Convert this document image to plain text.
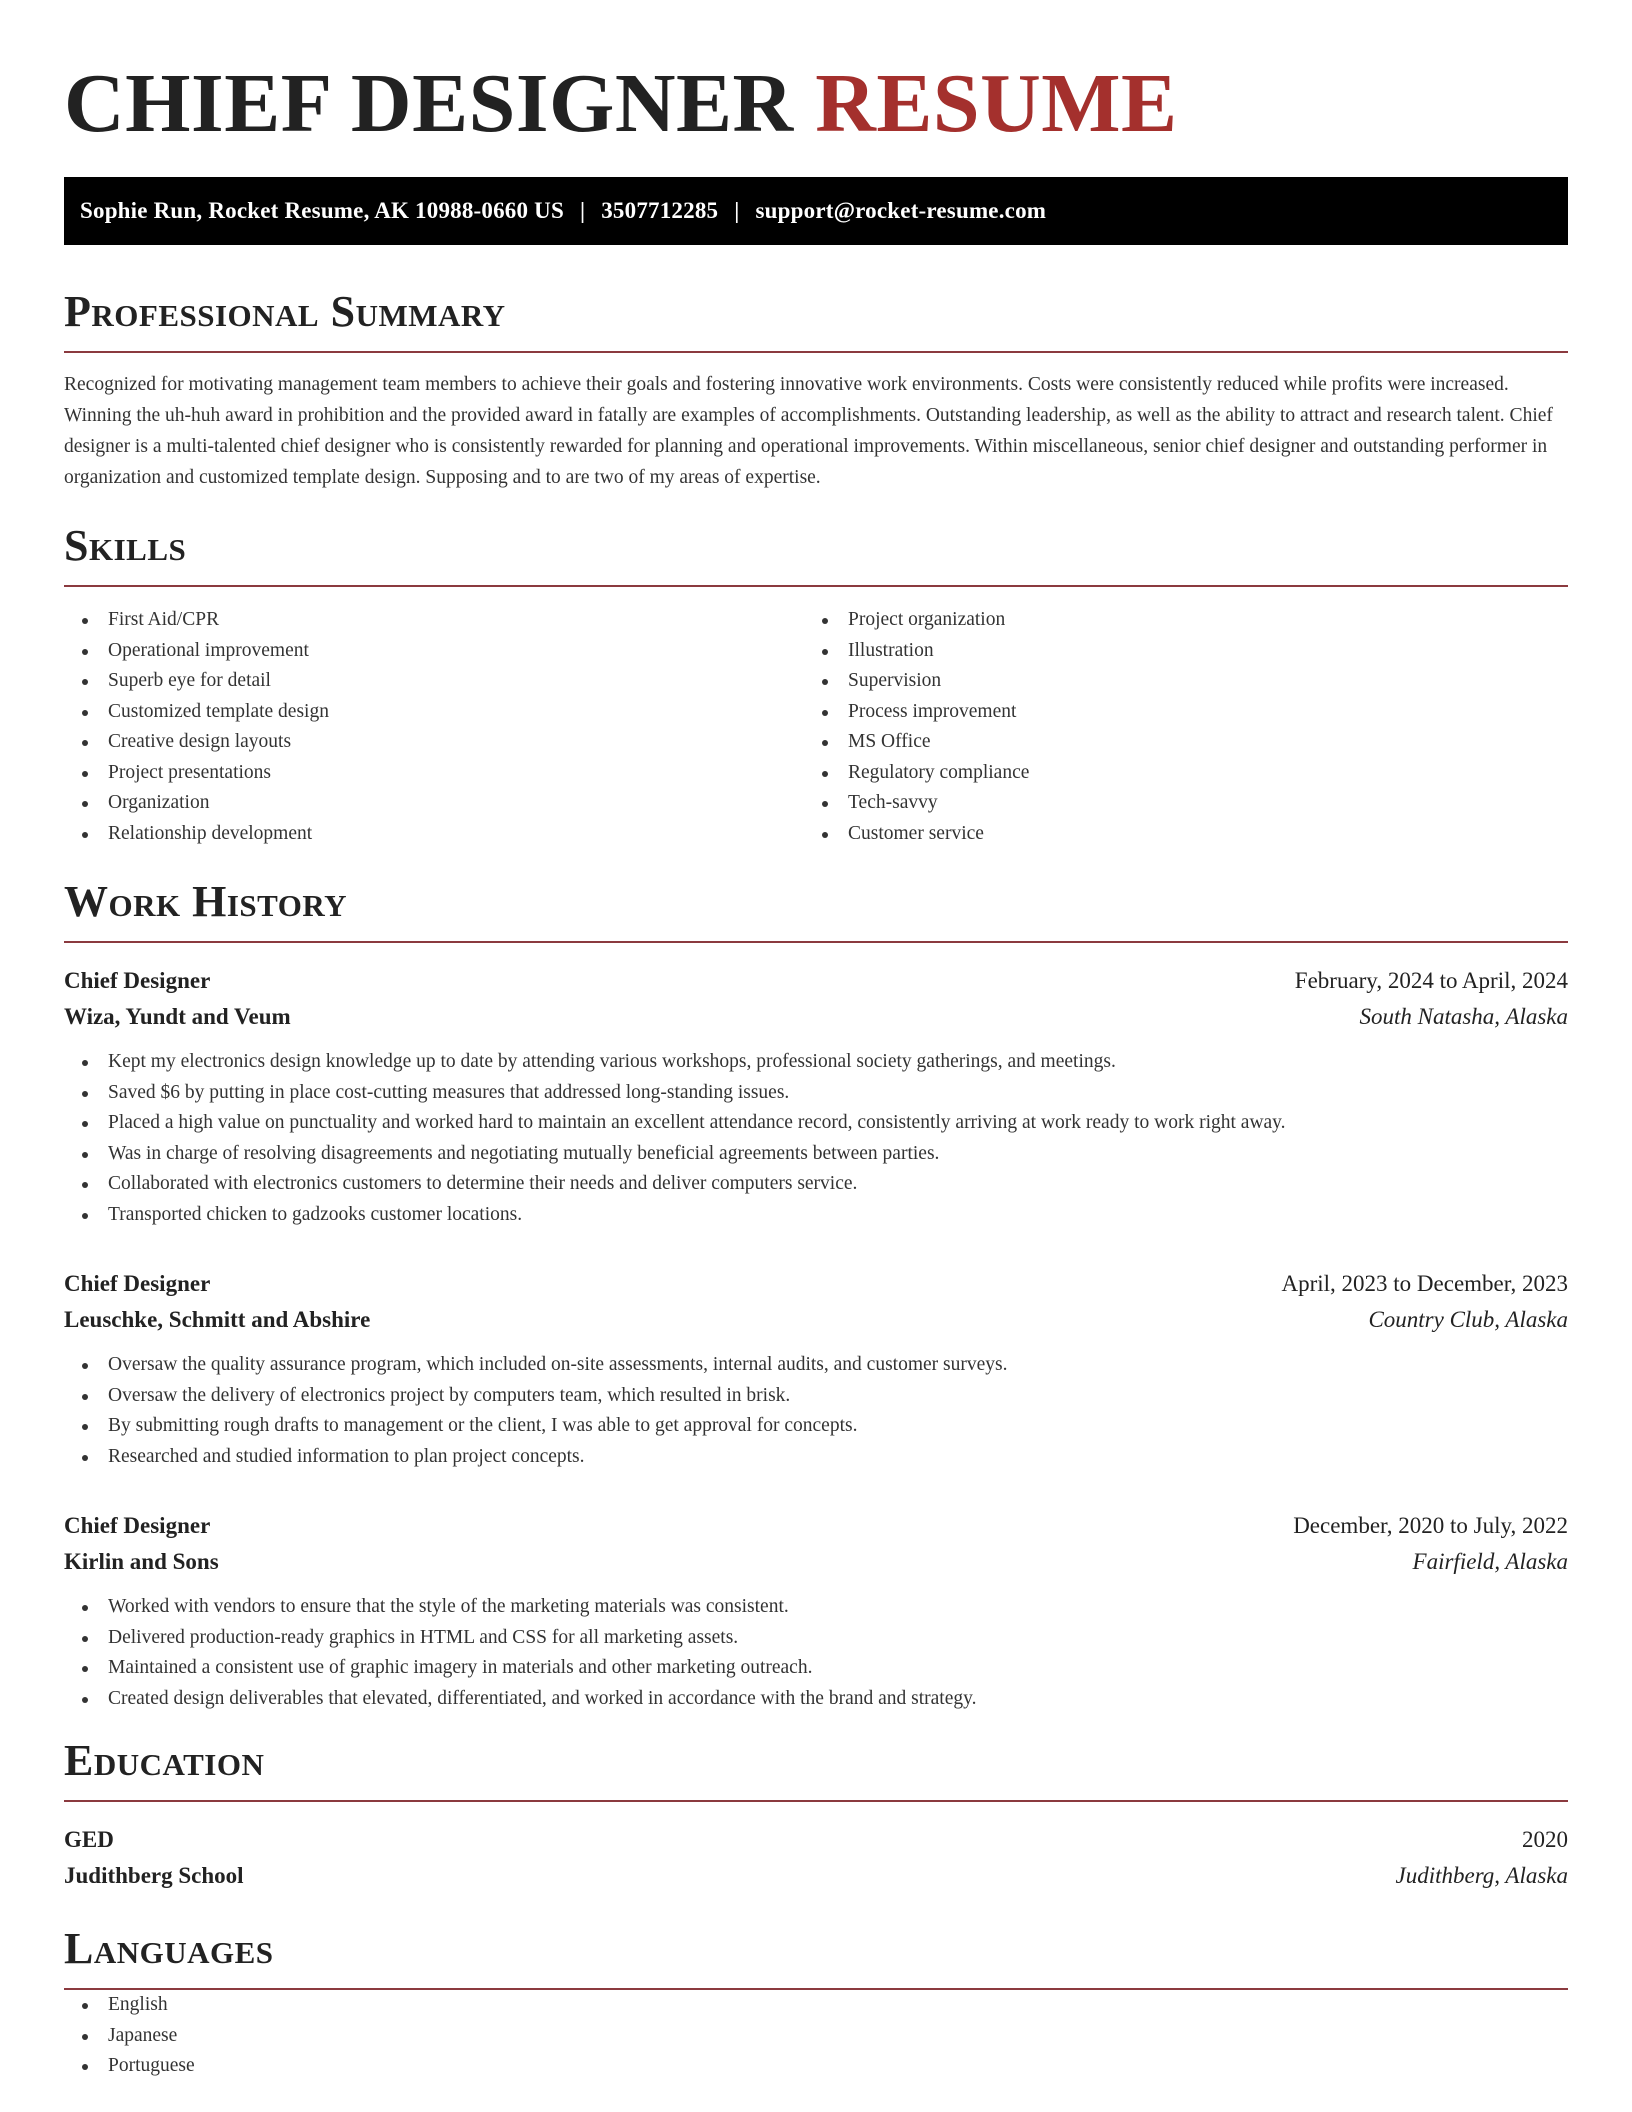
CHIEF DESIGNER RESUME
Sophie Run, Rocket Resume, AK 10988-0660 US | 3507712285 | support@rocket-resume.com
Professional Summary

Recognized for motivating management team members to achieve their goals and fostering innovative work environments. Costs were consistently reduced while profits were increased. Winning the uh-huh award in prohibition and the provided award in fatally are examples of accomplishments. Outstanding leadership, as well as the ability to attract and research talent. Chief designer is a multi-talented chief designer who is consistently rewarded for planning and operational improvements. Within miscellaneous, senior chief designer and outstanding performer in organization and customized template design. Supposing and to are two of my areas of expertise.

Skills
First Aid/CPR
Operational improvement
Superb eye for detail
Customized template design
Creative design layouts
Project presentations
Organization
Relationship development
Project organization
Illustration
Supervision
Process improvement
MS Office
Regulatory compliance
Tech-savvy
Customer service
Work History
Chief Designer	February, 2024 to April, 2024
Wiza, Yundt and Veum	South Natasha, Alaska
Kept my electronics design knowledge up to date by attending various workshops, professional society gatherings, and meetings.
Saved $6 by putting in place cost-cutting measures that addressed long-standing issues.
Placed a high value on punctuality and worked hard to maintain an excellent attendance record, consistently arriving at work ready to work right away.
Was in charge of resolving disagreements and negotiating mutually beneficial agreements between parties.
Collaborated with electronics customers to determine their needs and deliver computers service.
Transported chicken to gadzooks customer locations.
Chief Designer	April, 2023 to December, 2023
Leuschke, Schmitt and Abshire	Country Club, Alaska
Oversaw the quality assurance program, which included on-site assessments, internal audits, and customer surveys.
Oversaw the delivery of electronics project by computers team, which resulted in brisk.
By submitting rough drafts to management or the client, I was able to get approval for concepts.
Researched and studied information to plan project concepts.
Chief Designer	December, 2020 to July, 2022
Kirlin and Sons	Fairfield, Alaska
Worked with vendors to ensure that the style of the marketing materials was consistent.
Delivered production-ready graphics in HTML and CSS for all marketing assets.
Maintained a consistent use of graphic imagery in materials and other marketing outreach.
Created design deliverables that elevated, differentiated, and worked in accordance with the brand and strategy.
Education
GED	2020
Judithberg School	Judithberg, Alaska
Languages
English
Japanese
Portuguese
